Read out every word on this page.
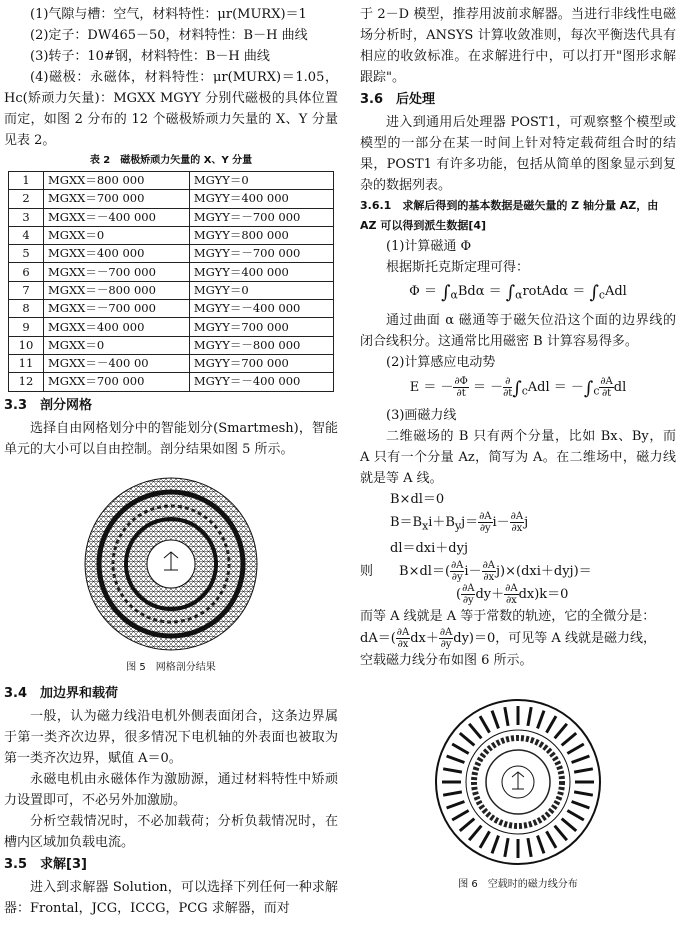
(1)气隙与槽：空气，材料特性：μr(MURX)＝1

(2)定子：DW465－50，材料特性：B－H 曲线

(3)转子：10#钢，材料特性：B－H 曲线

(4)磁极：永磁体，材料特性：μr(MURX)＝1.05，Hc(矫顽力矢量)：MGXX MGYY 分别代磁极的具体位置而定，如图 2 分布的 12 个磁极矫顽力矢量的 X、Y 分量见表 2。

表 2　磁极矫顽力矢量的 X、Y 分量
1	MGXX＝800 000	MGYY＝0
2	MGXX＝700 000	MGYY＝400 000
3	MGXX＝－400 000	MGYY＝－700 000
4	MGXX＝0	MGYY＝800 000
5	MGXX＝400 000	MGYY＝－700 000
6	MGXX＝－700 000	MGYY＝400 000
7	MGXX＝－800 000	MGYY＝0
8	MGXX＝－700 000	MGYY＝－400 000
9	MGXX＝400 000	MGYY＝700 000
10	MGXX＝0	MGYY＝－800 000
11	MGXX＝－400 00	MGYY＝700 000
12	MGXX＝700 000	MGYY＝－400 000
3.3　剖分网格

选择自由网格划分中的智能划分(Smartmesh)，智能单元的大小可以自由控制。剖分结果如图 5 所示。

图 5　网格剖分结果
3.4　加边界和载荷

一般，认为磁力线沿电机外侧表面闭合，这条边界属于第一类齐次边界，很多情况下电机轴的外表面也被取为第一类齐次边界，赋值 A＝0。

永磁电机由永磁体作为激励源，通过材料特性中矫顽力设置即可，不必另外加激励。

分析空载情况时，不必加载荷；分析负载情况时，在槽内区域加负载电流。

3.5　求解[3]

进入到求解器 Solution，可以选择下列任何一种求解器：Frontal，JCG，ICCG，PCG 求解器，而对

于 2－D 模型，推荐用波前求解器。当进行非线性电磁场分析时，ANSYS 计算收敛准则，每次平衡迭代具有相应的收敛标准。在求解进行中，可以打开"图形求解跟踪"。

3.6　后处理

进入到通用后处理器 POST1，可观察整个模型或模型的一部分在某一时间上针对特定载荷组合时的结果，POST1 有许多功能，包括从简单的图象显示到复杂的数据列表。

3.6.1　求解后得到的基本数据是磁矢量的 Z 轴分量 AZ，由 AZ 可以得到派生数据[4]

(1)计算磁通 Φ

根据斯托克斯定理可得：

$\Phi = \int_\alpha Bd\alpha$ ＝ $\int_\alpha rotAd\alpha = \int_cAdl$

通过曲面 α 磁通等于磁矢位沿这个面的边界线的闭合线积分。这通常比用磁密 B 计算容易得多。

(2)计算感应电动势

E ＝ － $\frac{\partial\Phi}{\partial t}$ ＝ － $\frac{\partial}{\partial t} \int_cAdl = -\int_c \frac{\partial A}{\partial t}$ dl

(3)画磁力线

二维磁场的 B 只有两个分量，比如 Bx、By，而 A 只有一个分量 Az，简写为 A。在二维场中，磁力线就是等 A 线。

B×dl＝0
$B=B_xi+B_yj= \frac{\partial A}{\partial y} i- \frac{\partial A}{\partial x}$ j
dl＝dxi＋dyj
则　　$B\times dl=( \frac{\partial A}{\partial y} i- \frac{\partial A}{\partial x} j)\times(dxi+dyj)=$
( $\frac{\partial A}{\partial y} dy+ \frac{\partial A}{\partial x} dx)k=0$

而等 A 线就是 A 等于常数的轨迹，它的全微分是：

$dA=( \frac{\partial A}{\partial x} dx+ \frac{\partial A}{\partial y} dy)=0$，可见等 A 线就是磁力线，

空载磁力线分布如图 6 所示。

图 6　空载时的磁力线分布
